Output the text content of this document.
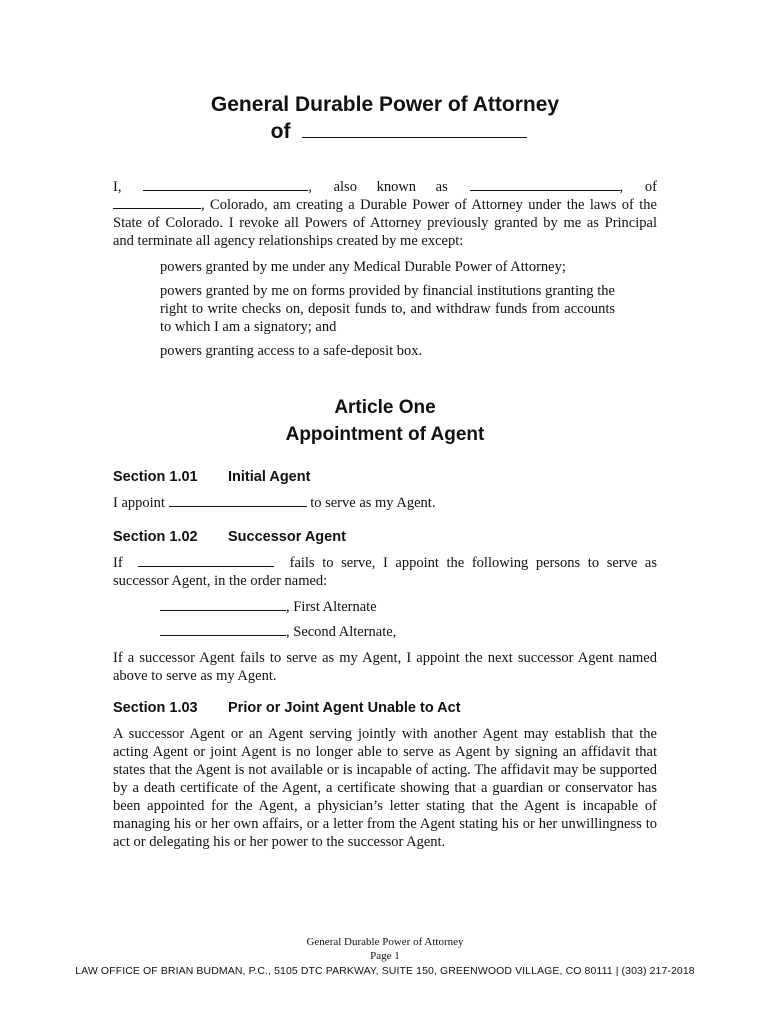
General Durable Power of Attorney
of
I,	, also known as	, of
, Colorado, am creating a Durable Power of Attorney under the laws of the
State of Colorado. I revoke all Powers of Attorney previously granted by me as Principal
and terminate all agency relationships created by me except:
powers granted by me under any Medical Durable Power of Attorney;
powers granted by me on forms provided by financial institutions granting the right to write checks on, deposit funds to, and withdraw funds from accounts to which I am a signatory; and
powers granting access to a safe-deposit box.
Article One
Appointment of Agent
Section 1.01 Initial Agent
I appoint	to serve as my Agent.
Section 1.02 Successor Agent
If	fails to serve, I appoint the following persons to serve as
successor Agent, in the order named:
, First Alternate
, Second Alternate,
If a successor Agent fails to serve as my Agent, I appoint the next successor Agent named above to serve as my Agent.
Section 1.03 Prior or Joint Agent Unable to Act
A successor Agent or an Agent serving jointly with another Agent may establish that the acting Agent or joint Agent is no longer able to serve as Agent by signing an affidavit that states that the Agent is not available or is incapable of acting. The affidavit may be supported by a death certificate of the Agent, a certificate showing that a guardian or conservator has been appointed for the Agent, a physician’s letter stating that the Agent is incapable of managing his or her own affairs, or a letter from the Agent stating his or her unwillingness to act or delegating his or her power to the successor Agent.
General Durable Power of Attorney
Page 1
LAW OFFICE OF BRIAN BUDMAN, P.C., 5105 DTC PARKWAY, SUITE 150, GREENWOOD VILLAGE, CO 80111 | (303) 217-2018
